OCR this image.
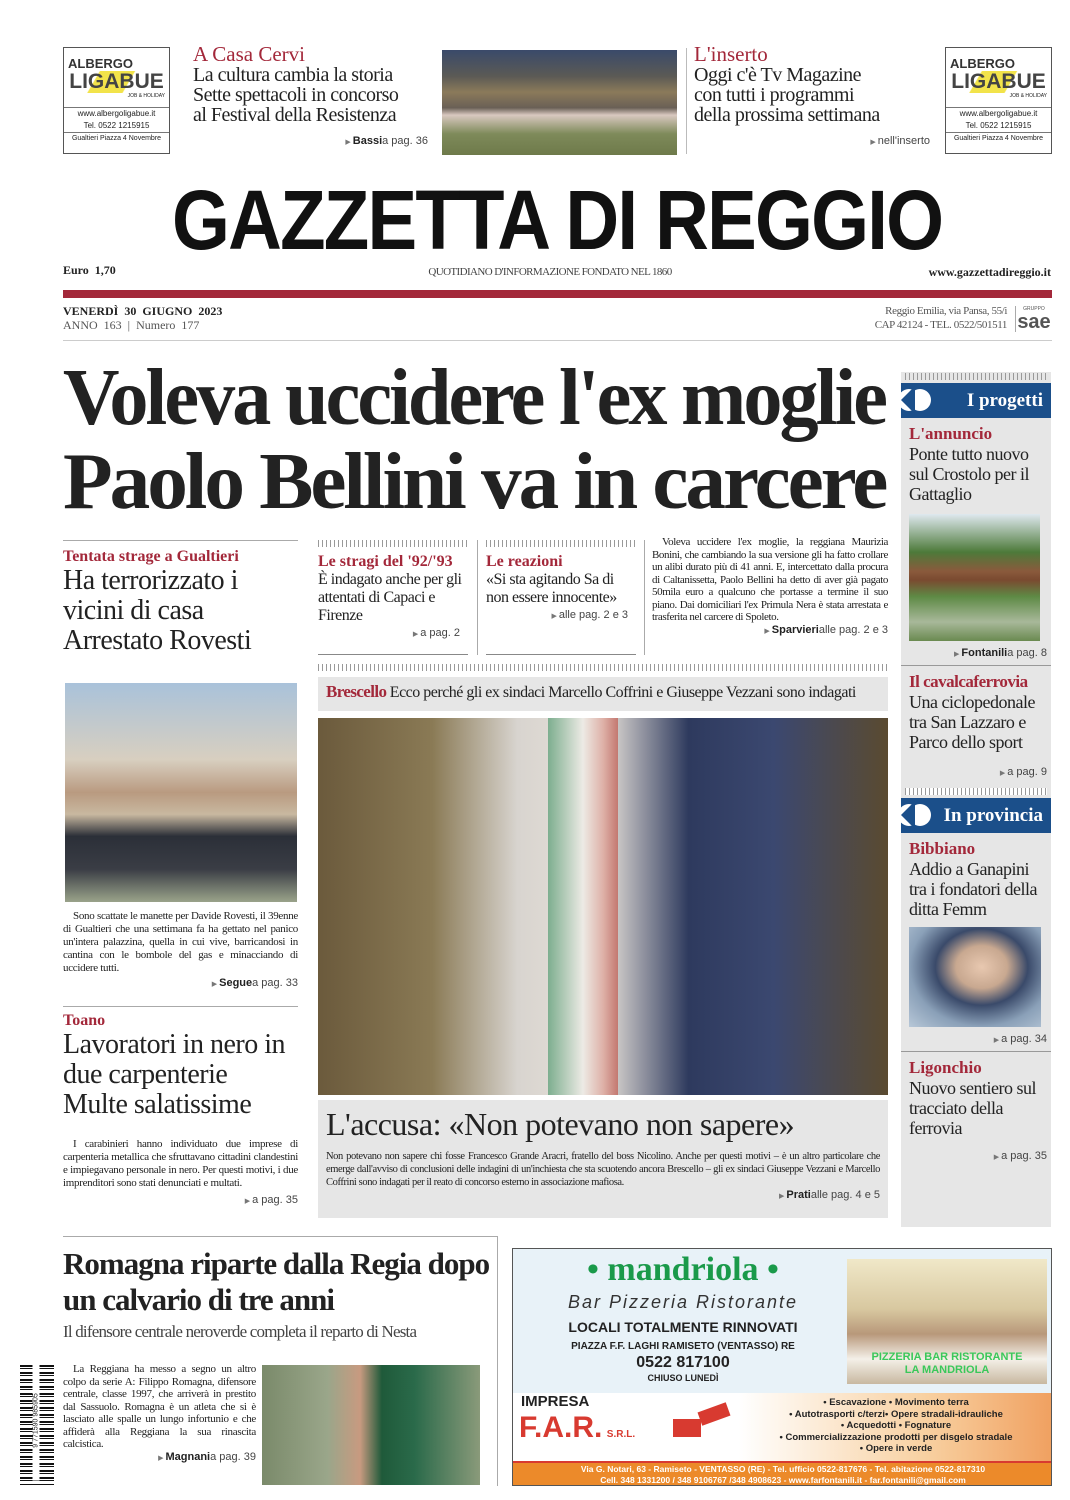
ALBERGO
LIGABUE
JOB & HOLIDAY
www.albergoligabue.it
Tel. 0522 1215915
Gualtieri Piazza 4 Novembre
ALBERGO
LIGABUE
JOB & HOLIDAY
www.albergoligabue.it
Tel. 0522 1215915
Gualtieri Piazza 4 Novembre
A Casa Cervi
La cultura cambia la storia
Sette spettacoli in concorso
al Festival della Resistenza
▶ Bassia pag. 36
L'inserto
Oggi c'è Tv Magazine
con tutti i programmi
della prossima settimana
▶ nell'inserto
GAZZETTA DI REGGIO
Euro  1,70	QUOTIDIANO D'INFORMAZIONE FONDATO NEL 1860	www.gazzettadireggio.it
VENERDÌ  30  GIUGNO  2023
ANNO  163  |  Numero  177
Reggio Emilia, via Pansa, 55/i
CAP 42124 - TEL. 0522/501511
GRUPPO
sae
Voleva uccidere l'ex moglie
Paolo Bellini va in carcere
Tentata strage a Gualtieri
Ha terrorizzato i vicini di casa Arrestato Rovesti
Sono scattate le manette per Davide Rovesti, il 39enne di Gualtieri che una settimana fa ha gettato nel panico un'intera palazzina, quella in cui vive, barricandosi in cantina con le bombole del gas e minacciando di uccidere tutti.
▶ Seguea pag. 33
Toano
Lavoratori in nero in due carpenterie Multe salatissime
I carabinieri hanno individuato due imprese di carpenteria metallica che sfruttavano cittadini clandestini e impiegavano personale in nero. Per questi motivi, i due imprenditori sono stati denunciati e multati.
▶ a pag. 35
Le stragi del '92/'93
È indagato anche per gli attentati di Capaci e Firenze
▶ a pag. 2
Le reazioni
«Si sta agitando Sa di non essere innocente»
▶ alle pag. 2 e 3
Voleva uccidere l'ex moglie, la reggiana Maurizia Bonini, che cambiando la sua versione gli ha fatto crollare un alibi durato più di 41 anni. E, intercettato dalla procura di Caltanissetta, Paolo Bellini ha detto di aver già pagato 50mila euro a qualcuno che portasse a termine il suo piano. Dai domiciliari l'ex Primula Nera è stata arrestata e trasferita nel carcere di Spoleto.
▶ Sparvierialle pag. 2 e 3
Brescello Ecco perché gli ex sindaci Marcello Coffrini e Giuseppe Vezzani sono indagati
L'accusa: «Non potevano non sapere»
Non potevano non sapere chi fosse Francesco Grande Aracri, fratello del boss Nicolino. Anche per questi motivi – è un altro particolare che emerge dall'avviso di conclusioni delle indagini di un'inchiesta che sta scuotendo ancora Brescello – gli ex sindaci Giuseppe Vezzani e Marcello Coffrini sono indagati per il reato di concorso esterno in associazione mafiosa.
▶ Pratialle pag. 4 e 5
I progetti
L'annuncio
Ponte tutto nuovo sul Crostolo per il Gattaglio
▶ Fontanilia pag. 8
Il cavalcaferrovia
Una ciclopedonale tra San Lazzaro e Parco dello sport
▶ a pag. 9
In provincia
Bibbiano
Addio a Ganapini tra i fondatori della ditta Femm
▶ a pag. 34
Ligonchio
Nuovo sentiero sul tracciato della ferrovia
▶ a pag. 35
Romagna riparte dalla Regia dopo un calvario di tre anni
Il difensore centrale neroverde completa il reparto di Nesta
9 771590 985905
La Reggiana ha messo a segno un altro colpo da serie A: Filippo Romagna, difensore centrale, classe 1997, che arriverà in prestito dal Sassuolo. Romagna è un atleta che si è lasciato alle spalle un lungo infortunio e che affiderà alla Reggiana la sua rinascita calcistica.
▶ Magnania pag. 39
• mandriola •
Bar Pizzeria Ristorante
LOCALI TOTALMENTE RINNOVATI
PIAZZA F.F. LAGHI RAMISETO (VENTASSO) RE
0522 817100
CHIUSO LUNEDÌ
PIZZERIA BAR RISTORANTE
LA MANDRIOLA
IMPRESA
F.A.R. S.R.L.
• Escavazione • Movimento terra
• Autotrasporti c/terzi• Opere stradali-idrauliche
• Acquedotti • Fognature
• Commercializzazione prodotti per disgelo stradale
• Opere in verde
Via G. Notari, 63 - Ramiseto - VENTASSO (RE) - Tel. ufficio 0522-817676 - Tel. abitazione 0522-817310
Cell. 348 1331200 / 348 9106767 /348 4908623 - www.farfontanili.it - far.fontanili@gmail.com
